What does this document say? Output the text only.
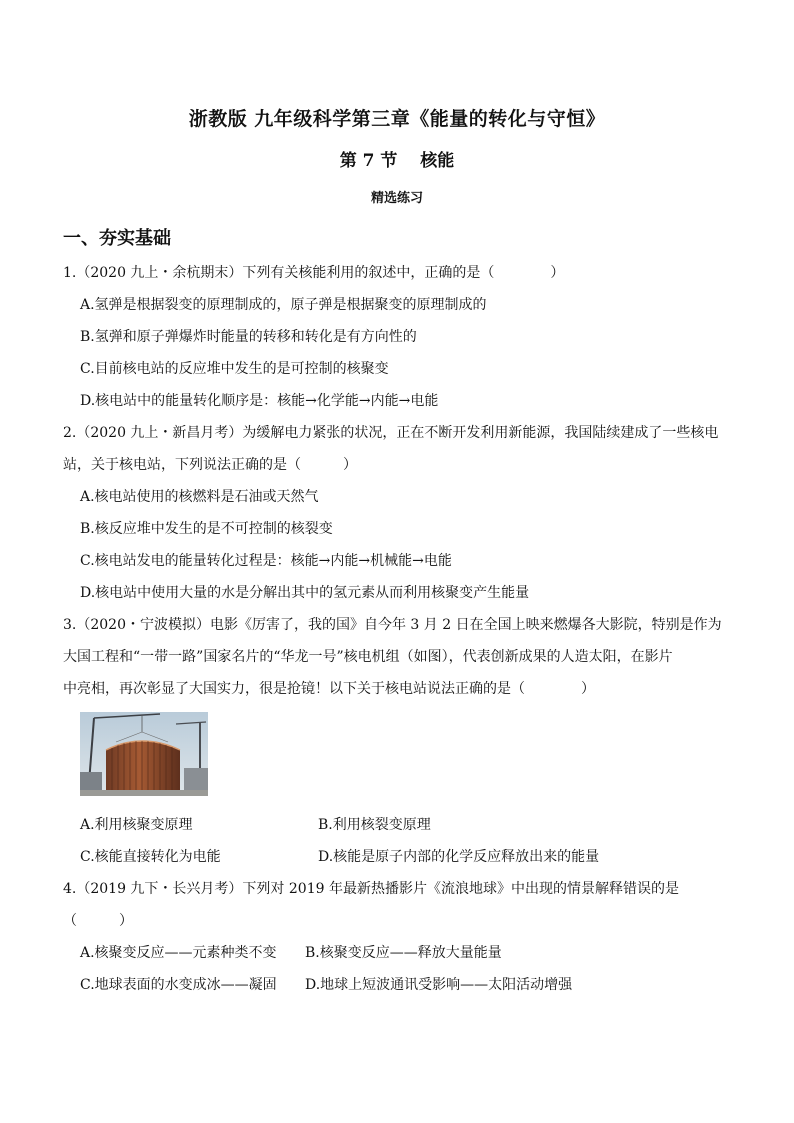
浙教版 九年级科学第三章《能量的转化与守恒》
第 7 节　 核能
精选练习
一、夯实基础
1.（2020 九上・余杭期末）下列有关核能利用的叙述中，正确的是（　　　　）
A.氢弹是根据裂变的原理制成的，原子弹是根据聚变的原理制成的
B.氢弹和原子弹爆炸时能量的转移和转化是有方向性的
C.目前核电站的反应堆中发生的是可控制的核聚变
D.核电站中的能量转化顺序是：核能→化学能→内能→电能
2.（2020 九上・新昌月考）为缓解电力紧张的状况，正在不断开发利用新能源，我国陆续建成了一些核电
站，关于核电站，下列说法正确的是（　　　）
A.核电站使用的核燃料是石油或天然气
B.核反应堆中发生的是不可控制的核裂变
C.核电站发电的能量转化过程是：核能→内能→机械能→电能
D.核电站中使用大量的水是分解出其中的氢元素从而利用核聚变产生能量
3.（2020・宁波模拟）电影《厉害了，我的国》自今年 3 月 2 日在全国上映来燃爆各大影院，特别是作为
大国工程和“一带一路”国家名片的“华龙一号”核电机组（如图），代表创新成果的人造太阳，在影片
中亮相，再次彰显了大国实力，很是抢镜！以下关于核电站说法正确的是（　　　　）
A.利用核聚变原理	B.利用核裂变原理
C.核能直接转化为电能	D.核能是原子内部的化学反应释放出来的能量
4.（2019 九下・长兴月考）下列对 2019 年最新热播影片《流浪地球》中出现的情景解释错误的是
（　　　）
A.核聚变反应——元素种类不变 B.核聚变反应——释放大量能量
C.地球表面的水变成冰——凝固 D.地球上短波通讯受影响——太阳活动增强
